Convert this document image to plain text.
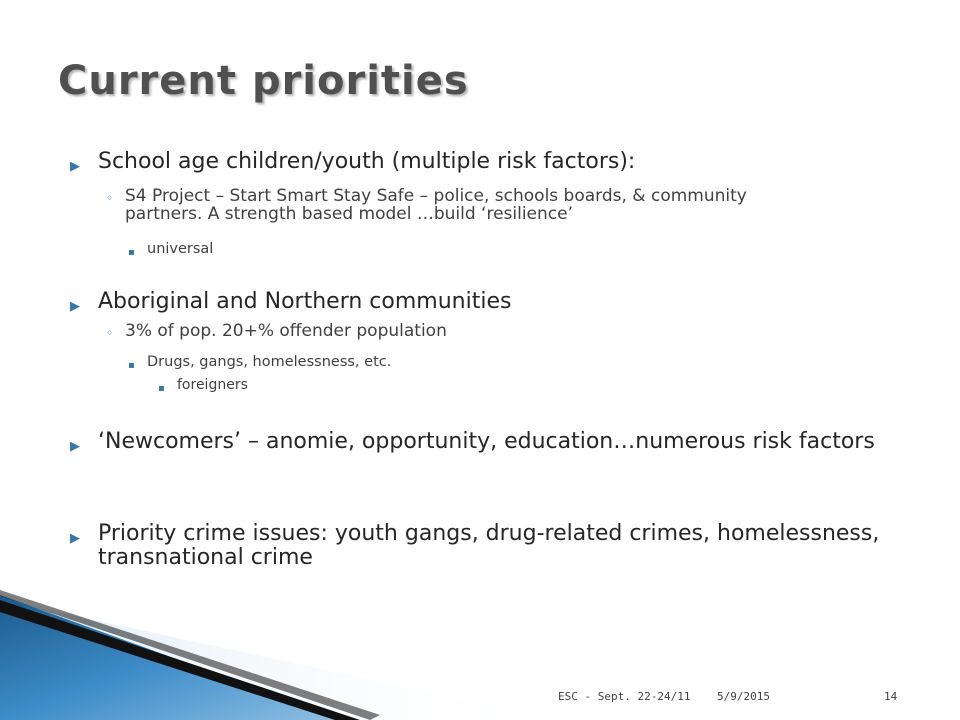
Current priorities
▶ School age children/youth (multiple risk factors):
◦ S4 Project – Start Smart Stay Safe – police, schools boards, & community partners. A strength based model …build ‘resilience’
▪ universal
▶ Aboriginal and Northern communities
◦ 3% of pop. 20+% offender population
▪ Drugs, gangs, homelessness, etc.
▪ foreigners
▶ ‘Newcomers’ – anomie, opportunity, education…numerous risk factors
▶ Priority crime issues: youth gangs, drug-related crimes, homelessness, transnational crime
ESC - Sept. 22-24/11 5/9/2015	14
